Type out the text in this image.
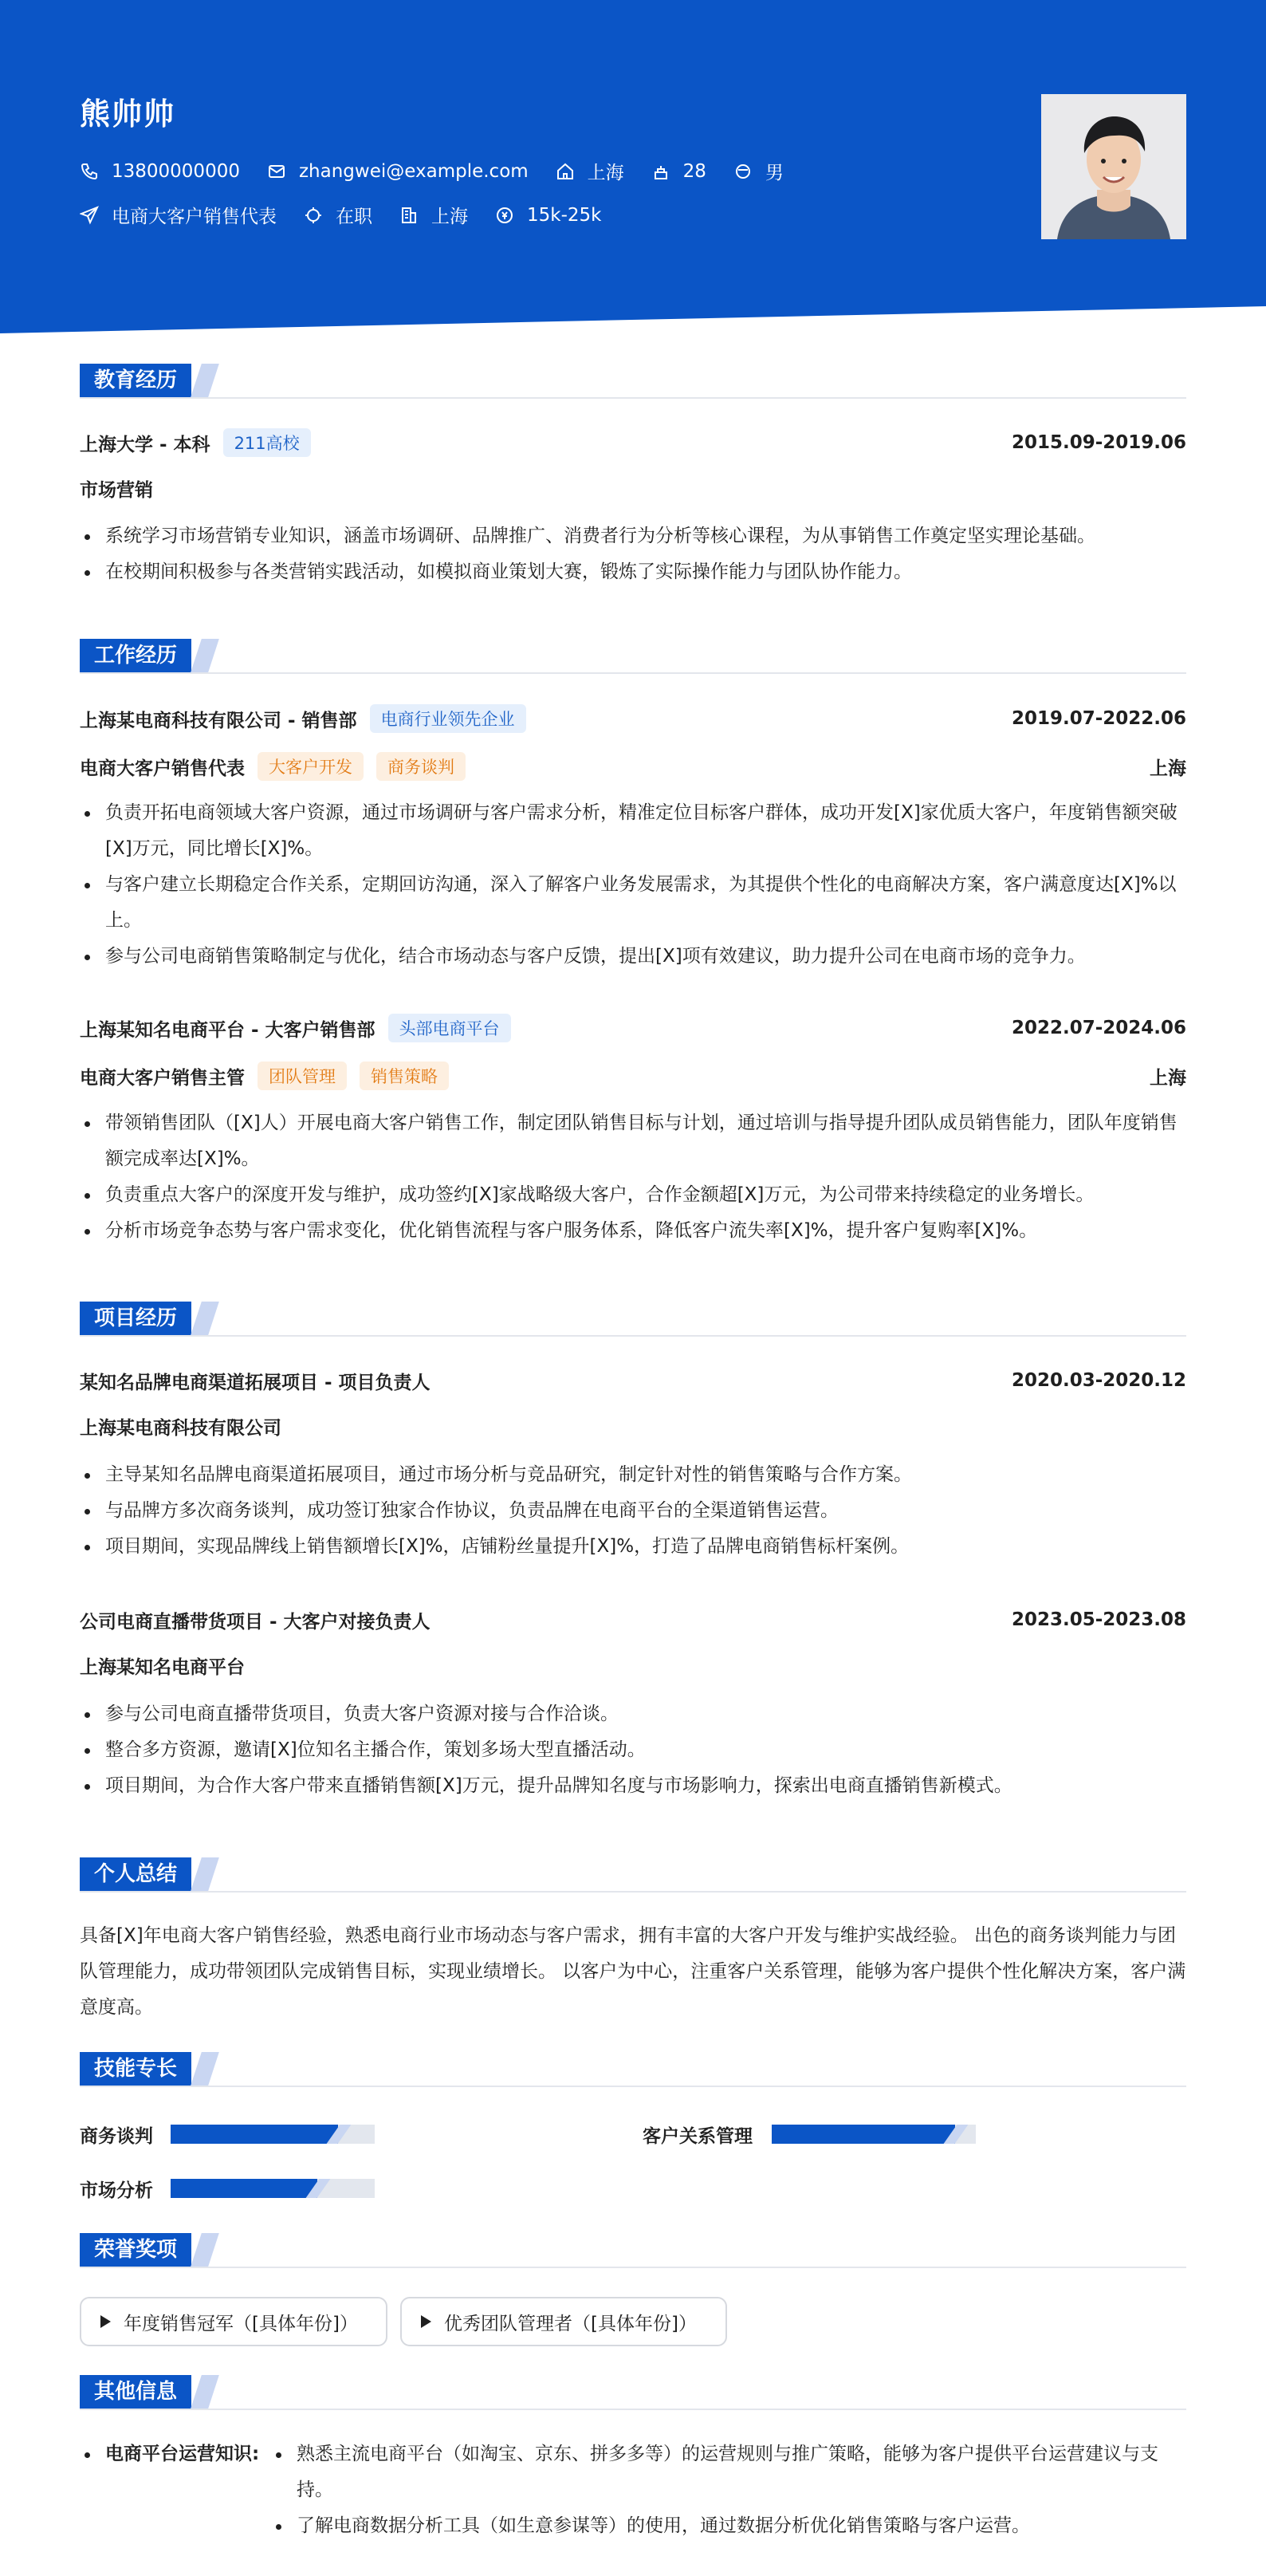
熊帅帅
13800000000	zhangwei@example.com	上海	28	男
电商大客户销售代表	在职	上海	15k-25k
教育经历
上海大学 - 本科	211高校	2015.09-2019.06
市场营销
系统学习市场营销专业知识，涵盖市场调研、品牌推广、消费者行为分析等核心课程，为从事销售工作奠定坚实理论基础。
在校期间积极参与各类营销实践活动，如模拟商业策划大赛，锻炼了实际操作能力与团队协作能力。
工作经历
上海某电商科技有限公司 - 销售部	电商行业领先企业	2019.07-2022.06
电商大客户销售代表	大客户开发	商务谈判	上海
负责开拓电商领域大客户资源，通过市场调研与客户需求分析，精准定位目标客户群体，成功开发[X]家优质大客户，年度销售额突破[X]万元，同比增长[X]%。
与客户建立长期稳定合作关系，定期回访沟通，深入了解客户业务发展需求，为其提供个性化的电商解决方案，客户满意度达[X]%以上。
参与公司电商销售策略制定与优化，结合市场动态与客户反馈，提出[X]项有效建议，助力提升公司在电商市场的竞争力。
上海某知名电商平台 - 大客户销售部	头部电商平台	2022.07-2024.06
电商大客户销售主管	团队管理	销售策略	上海
带领销售团队（[X]人）开展电商大客户销售工作，制定团队销售目标与计划，通过培训与指导提升团队成员销售能力，团队年度销售额完成率达[X]%。
负责重点大客户的深度开发与维护，成功签约[X]家战略级大客户，合作金额超[X]万元，为公司带来持续稳定的业务增长。
分析市场竞争态势与客户需求变化，优化销售流程与客户服务体系，降低客户流失率[X]%，提升客户复购率[X]%。
项目经历
某知名品牌电商渠道拓展项目 - 项目负责人	2020.03-2020.12
上海某电商科技有限公司
主导某知名品牌电商渠道拓展项目，通过市场分析与竞品研究，制定针对性的销售策略与合作方案。
与品牌方多次商务谈判，成功签订独家合作协议，负责品牌在电商平台的全渠道销售运营。
项目期间，实现品牌线上销售额增长[X]%，店铺粉丝量提升[X]%，打造了品牌电商销售标杆案例。
公司电商直播带货项目 - 大客户对接负责人	2023.05-2023.08
上海某知名电商平台
参与公司电商直播带货项目，负责大客户资源对接与合作洽谈。
整合多方资源，邀请[X]位知名主播合作，策划多场大型直播活动。
项目期间，为合作大客户带来直播销售额[X]万元，提升品牌知名度与市场影响力，探索出电商直播销售新模式。
个人总结
具备[X]年电商大客户销售经验，熟悉电商行业市场动态与客户需求，拥有丰富的大客户开发与维护实战经验。 出色的商务谈判能力与团队管理能力，成功带领团队完成销售目标，实现业绩增长。 以客户为中心，注重客户关系管理，能够为客户提供个性化解决方案，客户满意度高。
技能专长
商务谈判	客户关系管理
市场分析
荣誉奖项
年度销售冠军（[具体年份]）	优秀团队管理者（[具体年份]）
其他信息
电商平台运营知识:	熟悉主流电商平台（如淘宝、京东、拼多多等）的运营规则与推广策略，能够为客户提供平台运营建议与支持。
了解电商数据分析工具（如生意参谋等）的使用，通过数据分析优化销售策略与客户运营。
